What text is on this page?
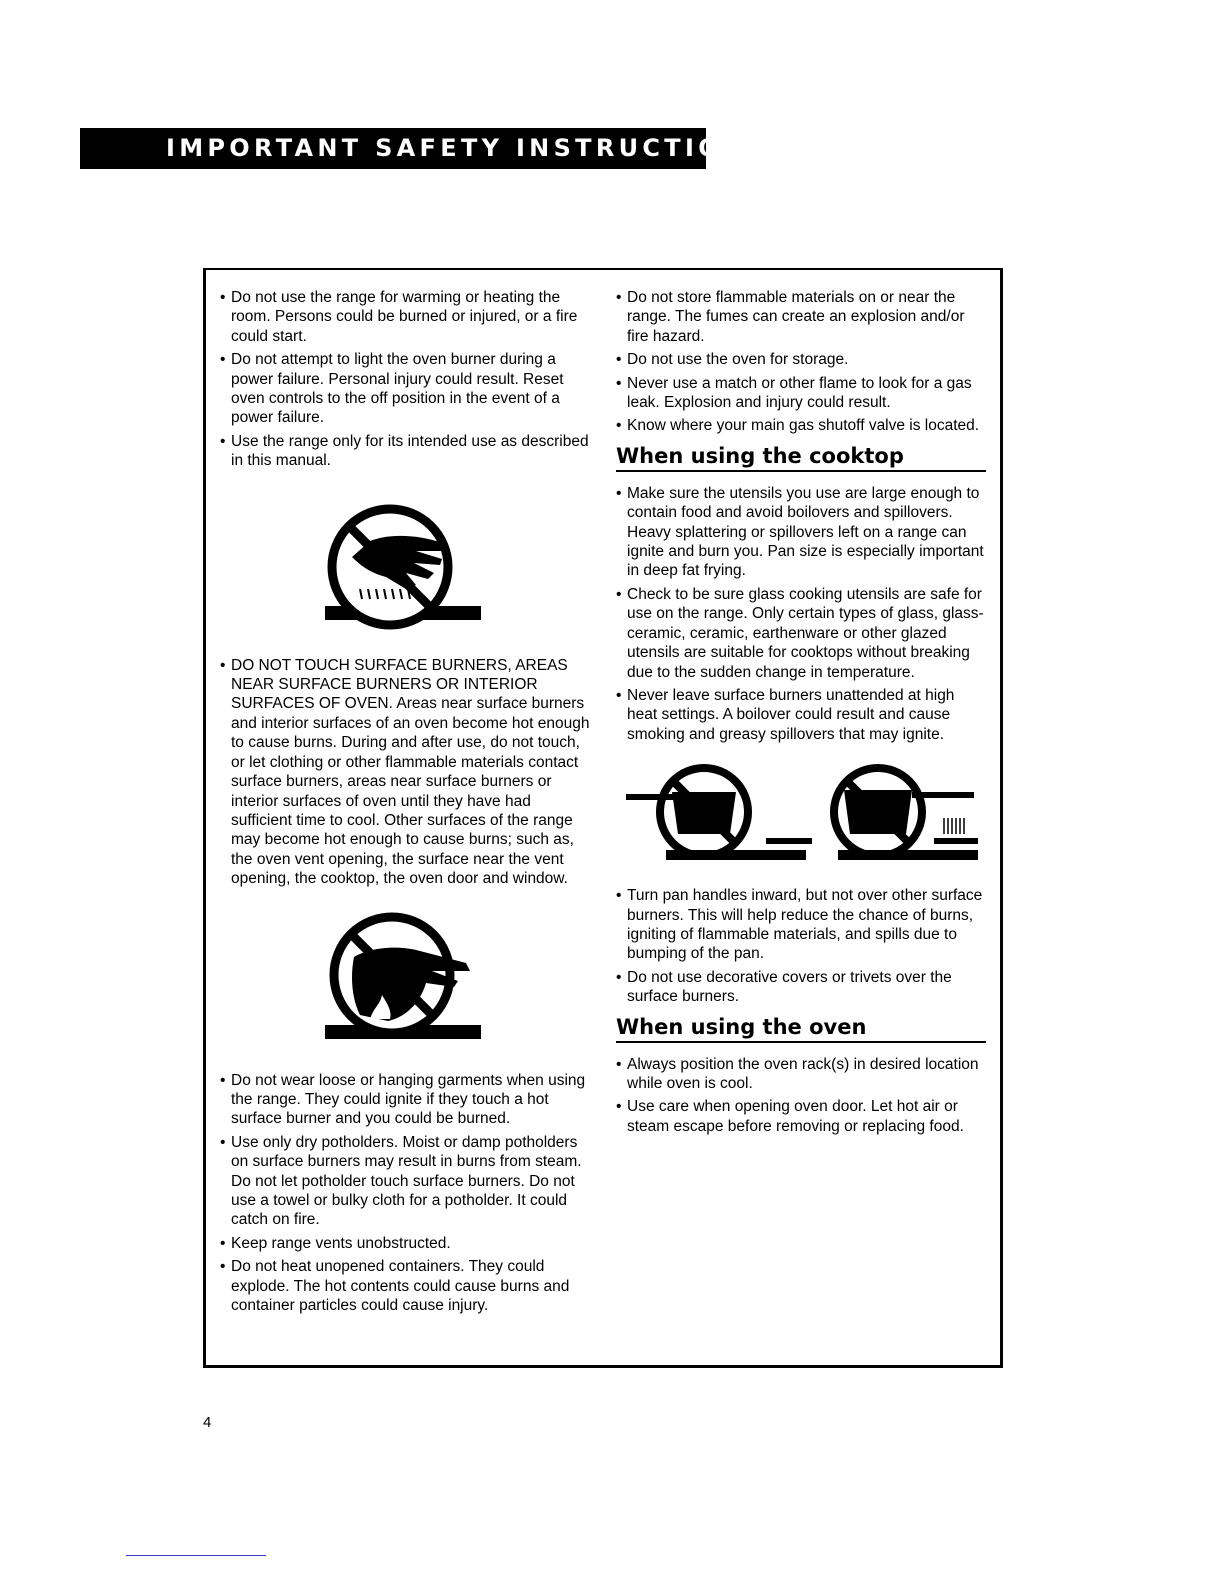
IMPORTANT SAFETY INSTRUCTIONS
• Do not use the range for warming or heating the room. Persons could be burned or injured, or a fire could start.
• Do not attempt to light the oven burner during a power failure. Personal injury could result. Reset oven controls to the off position in the event of a power failure.
• Use the range only for its intended use as described in this manual.
• DO NOT TOUCH SURFACE BURNERS, AREAS NEAR SURFACE BURNERS OR INTERIOR SURFACES OF OVEN. Areas near surface burners and interior surfaces of an oven become hot enough to cause burns. During and after use, do not touch, or let clothing or other flammable materials contact surface burners, areas near surface burners or interior surfaces of oven until they have had sufficient time to cool. Other surfaces of the range may become hot enough to cause burns; such as, the oven vent opening, the surface near the vent opening, the cooktop, the oven door and window.
• Do not wear loose or hanging garments when using the range. They could ignite if they touch a hot surface burner and you could be burned.
• Use only dry potholders. Moist or damp potholders on surface burners may result in burns from steam. Do not let potholder touch surface burners. Do not use a towel or bulky cloth for a potholder. It could catch on fire.
• Keep range vents unobstructed.
• Do not heat unopened containers. They could explode. The hot contents could cause burns and container particles could cause injury.
• Do not store flammable materials on or near the range. The fumes can create an explosion and/or fire hazard.
• Do not use the oven for storage.
• Never use a match or other flame to look for a gas leak. Explosion and injury could result.
• Know where your main gas shutoff valve is located.
When using the cooktop
• Make sure the utensils you use are large enough to contain food and avoid boilovers and spillovers. Heavy splattering or spillovers left on a range can ignite and burn you. Pan size is especially important in deep fat frying.
• Check to be sure glass cooking utensils are safe for use on the range. Only certain types of glass, glass-ceramic, ceramic, earthenware or other glazed utensils are suitable for cooktops without breaking due to the sudden change in temperature.
• Never leave surface burners unattended at high heat settings. A boilover could result and cause smoking and greasy spillovers that may ignite.
• Turn pan handles inward, but not over other surface burners. This will help reduce the chance of burns, igniting of flammable materials, and spills due to bumping of the pan.
• Do not use decorative covers or trivets over the surface burners.
When using the oven
• Always position the oven rack(s) in desired location while oven is cool.
• Use care when opening oven door. Let hot air or steam escape before removing or replacing food.
4
